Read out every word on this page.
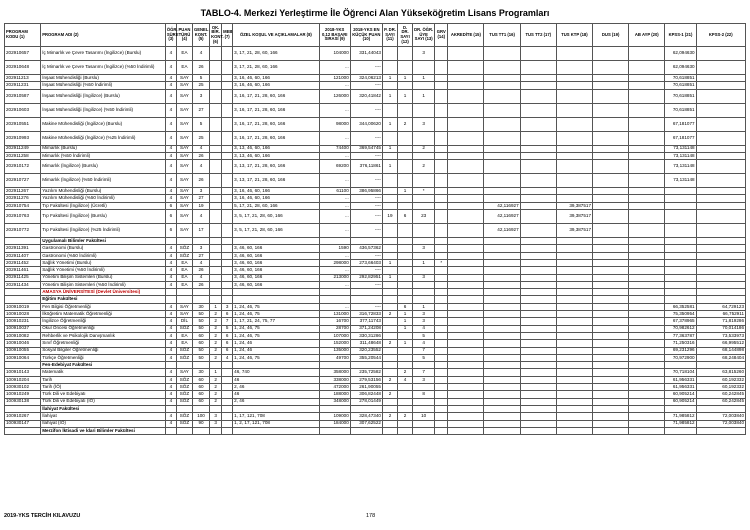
TABLO-4. Merkezi Yerleştirme İle Öğrenci Alan Yükseköğretim Lisans Programları
PROGRAM KODU (1)	PROGRAM ADI (2)	ÖĞR. SÜRE (3)	PUAN TÜRÜ (4)	GENEL KONT. (5)	OK. BİR. KONT. (6)	MEB (7)	ÖZEL KOŞUL VE AÇIKLAMALAR (8)	2018-YKS 0,12 BAŞARI SIRASI (9)	2018-YKS EN KÜÇÜK PUAN (10)	P. DR. SAYI (11)	D. DR. SAYI (12)	DR. ÖĞR. ÜYE SAYI (13)	GRV (14)	AKREDİTE (15)	TUS TT1 (16)	TUS TT2 (17)	TUS KTP (18)	DUS (19)	AB AYP (20)	KPSS-1 (21)	KPSS-2 (22)
202910657	İç Mimarlık ve Çevre Tasarımı (İngilizce) (Burslu)	4	EA	4			3, 17, 21, 28, 60, 166	104000	331,44043			3								62,094630	
202910648	İç Mimarlık ve Çevre Tasarımı (İngilizce) (%50 İndirimli)	4	EA	26			3, 17, 21, 28, 60, 166	...	----											62,094630	
202911213	İnşaat Mühendisliği (Burslu)	4	SAY	5			3, 16, 46, 60, 166	121000	324,06213	1	1	1								70,618851	
202911231	İnşaat Mühendisliği (%50 İndirimli)	4	SAY	25			3, 16, 46, 60, 166	...	----											70,618851	
202910587	İnşaat Mühendisliği (İngilizce) (Burslu)	4	SAY	3			3, 16, 17, 21, 28, 60, 166	126000	320,41842	1	1	1								70,618851	
202910603	İnşaat Mühendisliği (İngilizce) (%50 İndirimli)	4	SAY	27			3, 16, 17, 21, 28, 60, 166	...	----											70,618851	
202910551	Makine Mühendisliği (İngilizce) (Burslu)	4	SAY	5			3, 16, 17, 21, 28, 60, 166	98000	344,00620	1	2	3								67,181077	
202910993	Makine Mühendisliği (İngilizce) (%25 İndirimli)	4	SAY	25			3, 16, 17, 21, 28, 60, 166	...	----											67,181077	
202911249	Mimarlık (Burslu)	4	SAY	4			3, 13, 46, 60, 166	74400	369,54745	1		2								73,131148	
202911258	Mimarlık (%50 İndirimli)	4	SAY	26			3, 13, 46, 60, 166	...	----											73,131148	
202910172	Mimarlık (İngilizce) (Burslu)	4	SAY	4			3, 13, 17, 21, 28, 60, 166	69200	376,11861	1		2								73,131148	
202910727	Mimarlık (İngilizce) (%50 İndirimli)	4	SAY	26			3, 13, 17, 21, 28, 60, 166	...	----											73,131148	
202911267	Yazılım Mühendisliği (Burslu)	4	SAY	3			3, 16, 46, 60, 166	61100	386,95866		1	*									
202911276	Yazılım Mühendisliği (%50 İndirimli)	4	SAY	27			3, 16, 46, 60, 166	...	----												
202910754	Tıp Fakültesi (İngilizce) (Ücretli)	6	SAY	19			5, 17, 21, 28, 60, 166	...	----						42,116927		39,387517				
202910763	Tıp Fakültesi (İngilizce) (Burslu)	6	SAY	4			3, 5, 17, 21, 28, 60, 166	...	----	19	6	23			42,116927		39,387517				
202910772	Tıp Fakültesi (İngilizce) (%25 İndirimli)	6	SAY	17			3, 5, 17, 21, 28, 60, 166	...	----						42,116927		39,387517				
	Uygulamalı Bilimler Fakültesi																				
202911391	Gastronomi (Burslu)	4	SÖZ	3			3, 46, 60, 166	1590	436,57362			3									
202911407	Gastronomi (%50 İndirimli)	4	SÖZ	27			3, 46, 60, 166	...	----												
202911452	Sağlık Yönetimi (Burslu)	4	EA	4			3, 46, 60, 166	298000	273,66403	1		1	*								
202911461	Sağlık Yönetimi (%50 İndirimli)	4	EA	26			3, 46, 60, 166	...	----												
202911425	Yönetim Bilişim Sistemleri (Burslu)	4	EA	4			3, 46, 60, 166	213000	292,82951	1		3									
202911434	Yönetim Bilişim Sistemleri (%50 İndirimli)	4	EA	26			3, 46, 60, 166	...	----												
	AMASYA ÜNİVERSİTESİ (Devlet Üniversitesi)																				
	Eğitim Fakültesi																				
100910019	Fen Bilgisi Öğretmenliği	4	SAY	30	1	3	1, 24, 46, 75	...	----		6	1								66,352581	64,729123
100910028	İlköğretim Matematik Öğretmenliği	4	SAY	50	2	6	1, 24, 46, 75	131000	316,72833	2	1	3								75,350954	66,752911
100910231	İngilizce Öğretmenliği	4	DİL	50	2	7	1, 17, 21, 24, 75, 77	16700	377,11743		1	3								67,378965	71,819286
100910037	Okul Öncesi Öğretmenliği	4	SÖZ	50	2	5	1, 24, 46, 75	28700	371,24208		1	4								70,982612	70,014186
100910082	Rehberlik ve Psikolojik Danışmanlık	4	EA	60	2	6	1, 24, 46, 75	107000	330,31286			5								77,363787	73,533973
100910046	Sınıf Öğretmenliği	4	EA	60	2	6	1, 24, 46	152000	311,48648	2	1	4								71,250316	66,995512
100910055	Sosyal Bilgiler Öğretmenliği	4	SÖZ	50	2	6	1, 24, 46	135000	320,23552			7								69,231296	68,144898
100910064	Türkçe Öğretmenliği	4	SÖZ	50	2	4	1, 24, 46, 75	49700	355,20544			5								70,972900	68,248404
	Fen-Edebiyat Fakültesi																				
100910143	Matematik	4	SAY	30	1		46, 740	358000	235,72582		2	7								70,718104	63,815260
100910204	Tarih	4	SÖZ	60	2		46	338000	279,53156	2	4	3								61,956331	60,192332
100930102	Tarih (İÖ)	4	SÖZ	60	2		2, 46	472000	261,90055											61,956331	60,192332
100910249	Türk Dili ve Edebiyatı	4	SÖZ	60	2		46	188000	306,82448	2		8								60,905214	60,242845
100930138	Türk Dili ve Edebiyatı (İÖ)	4	SÖZ	60	2		2, 46	348000	278,01449											60,905214	60,242845
	İlahiyat Fakültesi																				
100910267	İlahiyat	4	SÖZ	100	3		1, 17, 121, 708	109000	328,47340	2	2	10								71,985812	72,003840
100930147	İlahiyat (İÖ)	4	SÖZ	90	3		1, 2, 17, 121, 708	184000	307,62522											71,985812	72,003840
	Merzifon İktisadi ve İdari Bilimler Fakültesi																				
2019-YKS TERCİH KILAVUZU	178
